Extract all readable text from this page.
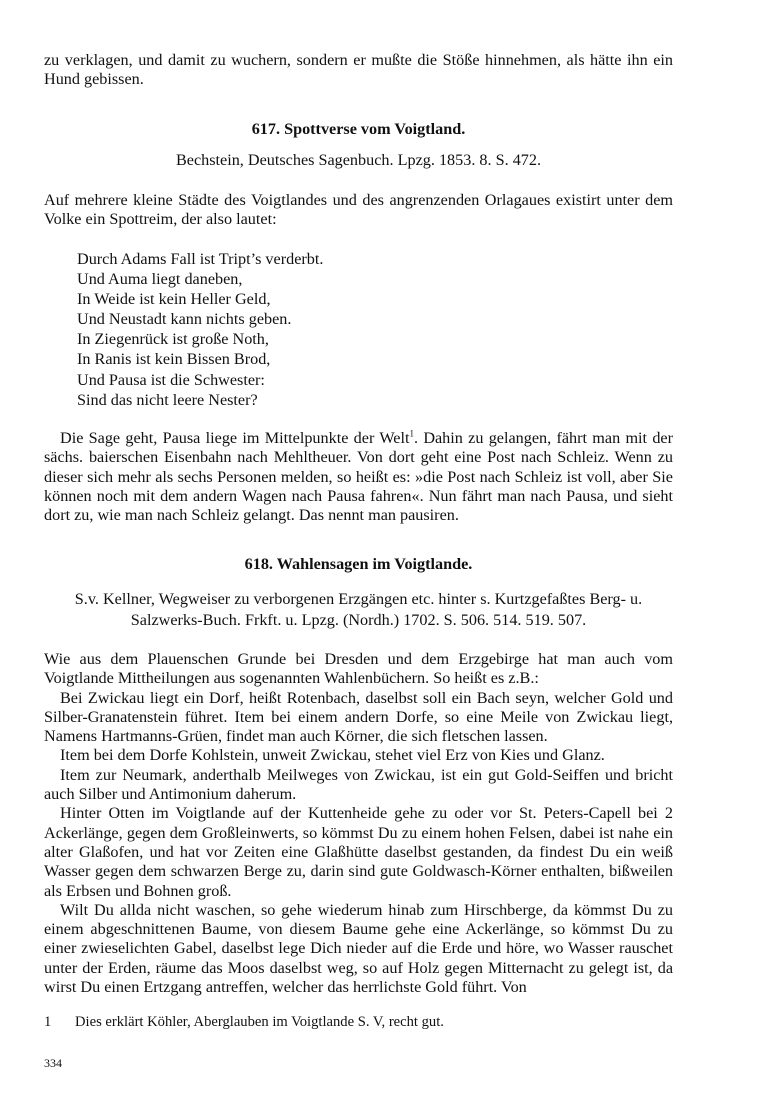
zu verklagen, und damit zu wuchern, sondern er mußte die Stöße hinnehmen, als hätte ihn ein Hund gebissen.

617. Spottverse vom Voigtland.

Bechstein, Deutsches Sagenbuch. Lpzg. 1853. 8. S. 472.

Auf mehrere kleine Städte des Voigtlandes und des angrenzenden Orlagaues existirt unter dem Volke ein Spottreim, der also lautet:

Durch Adams Fall ist Tript’s verderbt.
Und Auma liegt daneben,
In Weide ist kein Heller Geld,
Und Neustadt kann nichts geben.
In Ziegenrück ist große Noth,
In Ranis ist kein Bissen Brod,
Und Pausa ist die Schwester:
Sind das nicht leere Nester?

Die Sage geht, Pausa liege im Mittelpunkte der Welt$^1$. Dahin zu gelangen, fährt man mit der sächs. baierschen Eisenbahn nach Mehltheuer. Von dort geht eine Post nach Schleiz. Wenn zu dieser sich mehr als sechs Personen melden, so heißt es: »die Post nach Schleiz ist voll, aber Sie können noch mit dem andern Wagen nach Pausa fahren«. Nun fährt man nach Pausa, und sieht dort zu, wie man nach Schleiz gelangt. Das nennt man pausiren.

618. Wahlensagen im Voigtlande.
S.v. Kellner, Wegweiser zu verborgenen Erzgängen etc. hinter s. Kurtzgefaßtes Berg- u.
Salzwerks-Buch. Frkft. u. Lpzg. (Nordh.) 1702. S. 506. 514. 519. 507.

Wie aus dem Plauenschen Grunde bei Dresden und dem Erzgebirge hat man auch vom Voigtlande Mittheilungen aus sogenannten Wahlenbüchern. So heißt es z.B.:

Bei Zwickau liegt ein Dorf, heißt Rotenbach, daselbst soll ein Bach seyn, welcher Gold und Silber-Granatenstein führet. Item bei einem andern Dorfe, so eine Meile von Zwickau liegt, Namens Hartmanns-Grüen, findet man auch Körner, die sich fletschen lassen.

Item bei dem Dorfe Kohlstein, unweit Zwickau, stehet viel Erz von Kies und Glanz.

Item zur Neumark, anderthalb Meilweges von Zwickau, ist ein gut Gold-Seiffen und bricht auch Silber und Antimonium daherum.

Hinter Otten im Voigtlande auf der Kuttenheide gehe zu oder vor St. Peters-Capell bei 2 Ackerlänge, gegen dem Großleinwerts, so kömmst Du zu einem hohen Felsen, dabei ist nahe ein alter Glaßofen, und hat vor Zeiten eine Glaßhütte daselbst gestanden, da findest Du ein weiß Wasser gegen dem schwarzen Berge zu, darin sind gute Goldwasch-Körner enthalten, bißweilen als Erbsen und Bohnen groß.

Wilt Du allda nicht waschen, so gehe wiederum hinab zum Hirschberge, da kömmst Du zu einem abgeschnittenen Baume, von diesem Baume gehe eine Ackerlänge, so kömmst Du zu einer zwieselichten Gabel, daselbst lege Dich nieder auf die Erde und höre, wo Wasser rauschet unter der Erden, räume das Moos daselbst weg, so auf Holz gegen Mitternacht zu gelegt ist, da wirst Du einen Ertzgang antreffen, welcher das herrlichste Gold führt. Von

1 Dies erklärt Köhler, Aberglauben im Voigtlande S. V, recht gut.
334
